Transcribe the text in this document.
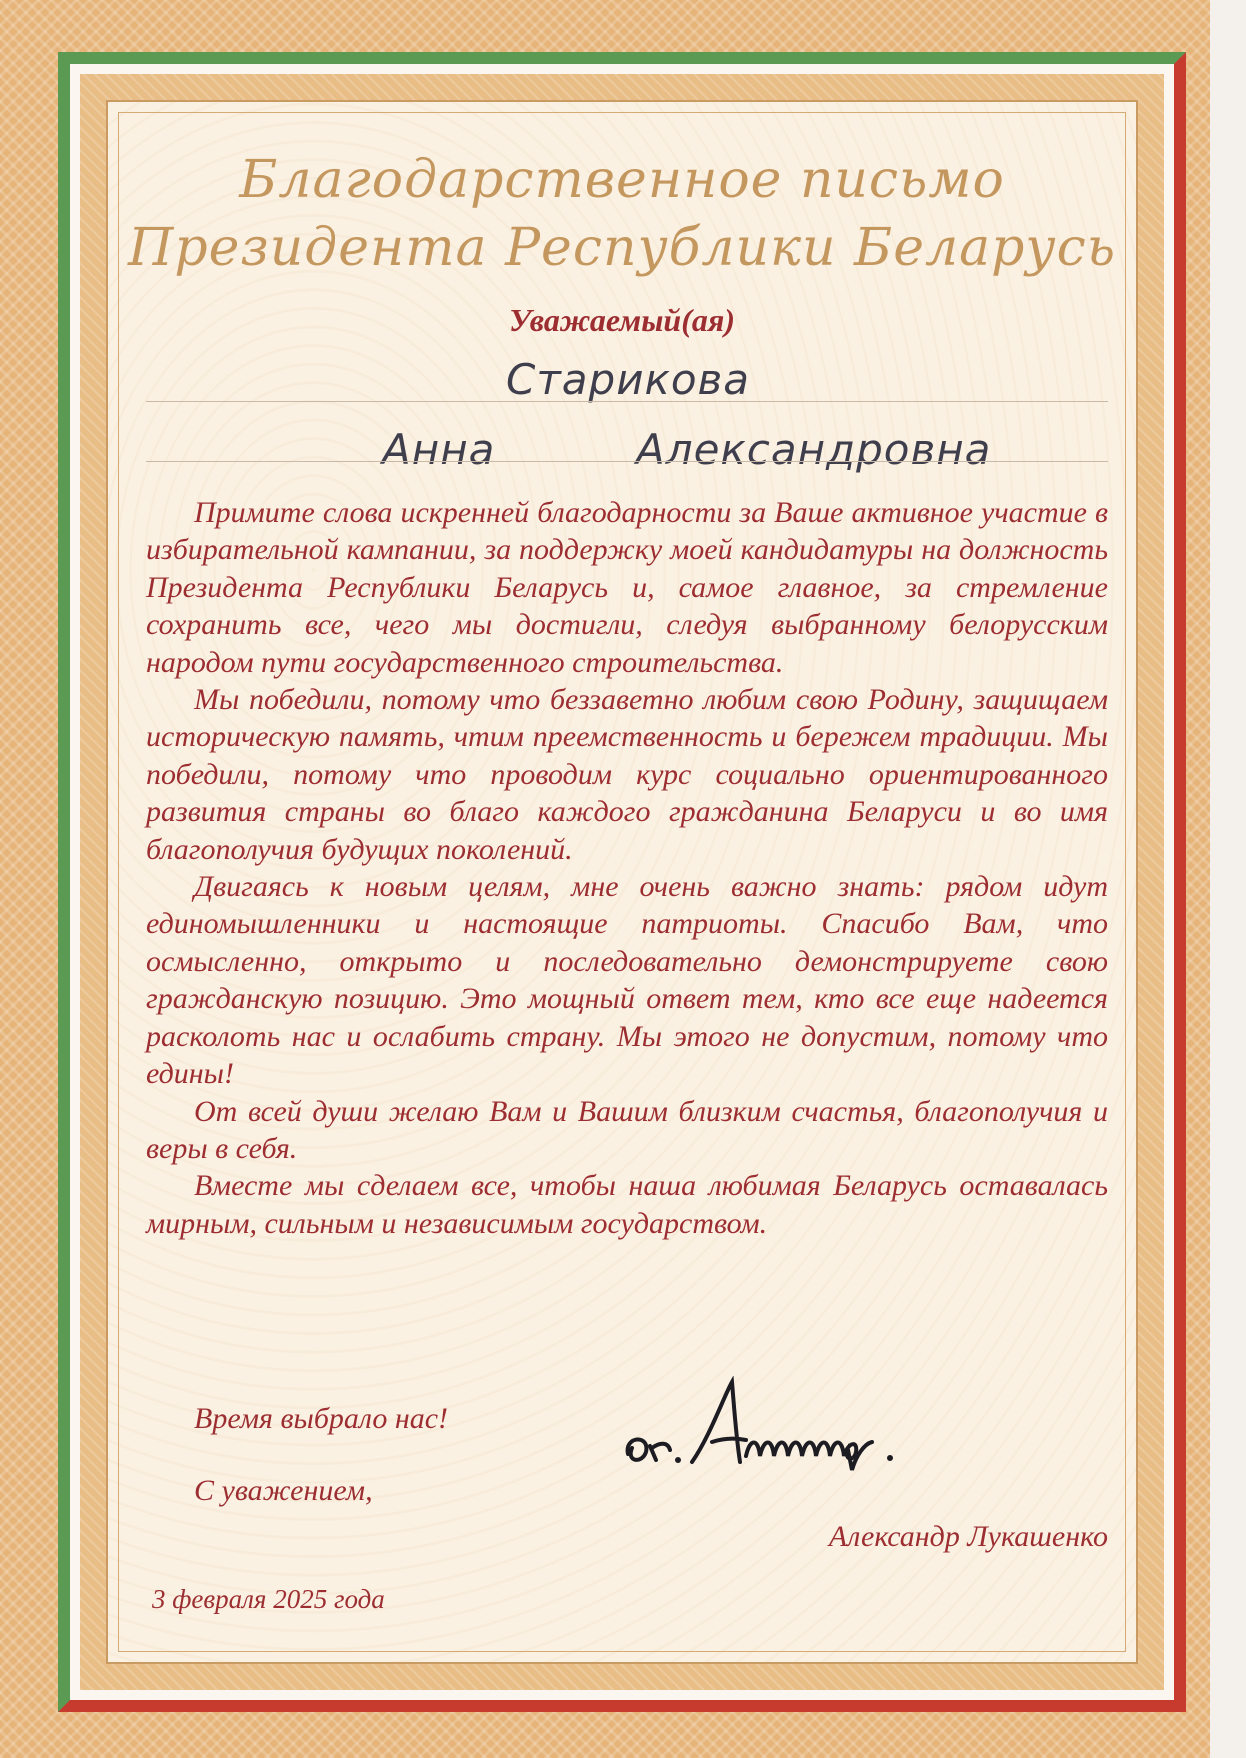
Благодарственное письмо
Президента Республики Беларусь
Уважаемый(ая)
Старикова
Анна	Александровна

Примите слова искренней благодарности за Ваше активное участие в избирательной кампании, за поддержку моей кандидатуры на должность Президента Республики Беларусь и, самое главное, за стремление сохранить все, чего мы достигли, следуя выбранному белорусским народом пути государственного строительства.

Мы победили, потому что беззаветно любим свою Родину, защищаем историческую память, чтим преемственность и бережем традиции. Мы победили, потому что проводим курс социально ориентированного развития страны во благо каждого гражданина Беларуси и во имя благополучия будущих поколений.

Двигаясь к новым целям, мне очень важно знать: рядом идут единомышленники и настоящие патриоты. Спасибо Вам, что осмысленно, открыто и последовательно демонстрируете свою гражданскую позицию. Это мощный ответ тем, кто все еще надеется расколоть нас и ослабить страну. Мы этого не допустим, потому что едины!

От всей души желаю Вам и Вашим близким счастья, благополучия и веры в себя.

Вместе мы сделаем все, чтобы наша любимая Беларусь оставалась мирным, сильным и независимым государством.

Время выбрало нас!
С уважением,
Александр Лукашенко
3 февраля 2025 года
